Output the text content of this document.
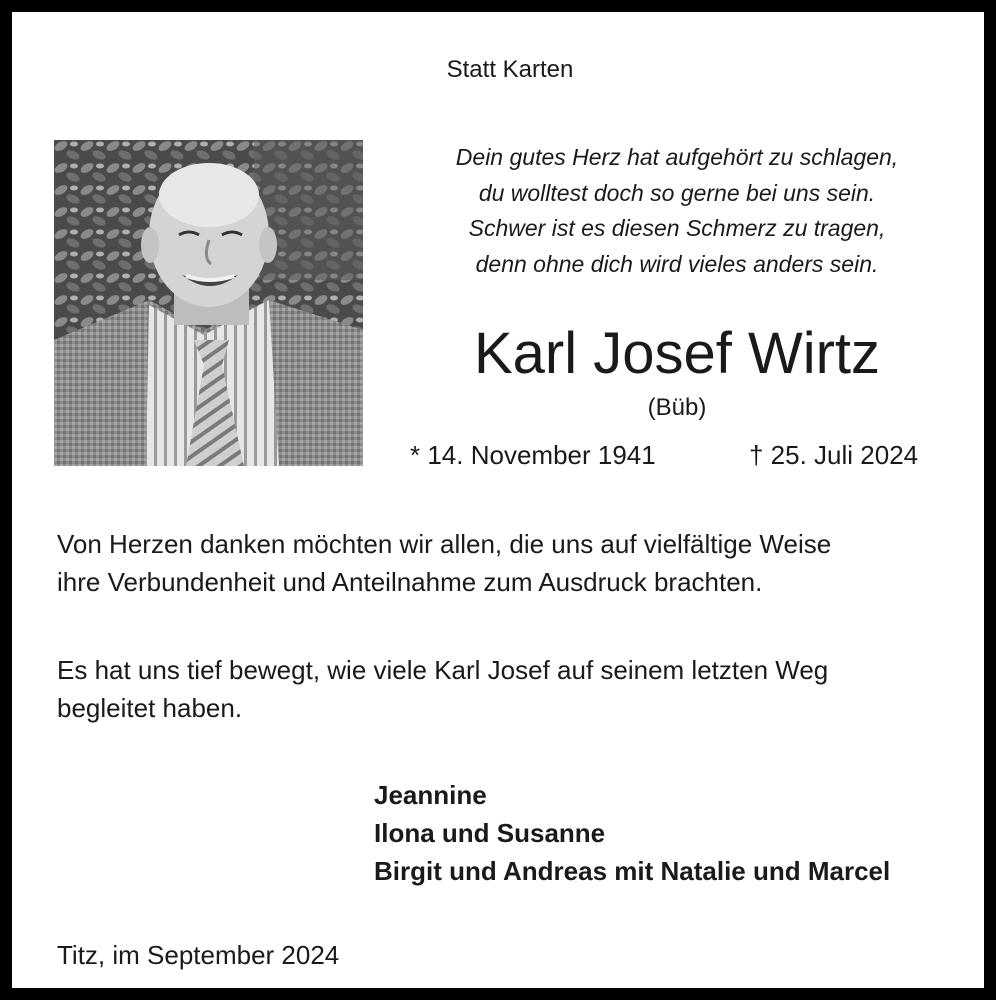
Statt Karten
Dein gutes Herz hat aufgehört zu schlagen,
du wolltest doch so gerne bei uns sein.
Schwer ist es diesen Schmerz zu tragen,
denn ohne dich wird vieles anders sein.
Karl Josef Wirtz
(Büb)
* 14. November 1941	† 25. Juli 2024
Von Herzen danken möchten wir allen, die uns auf vielfältige Weise
ihre Verbundenheit und Anteilnahme zum Ausdruck brachten.
Es hat uns tief bewegt, wie viele Karl Josef auf seinem letzten Weg
begleitet haben.
Jeannine
Ilona und Susanne
Birgit und Andreas mit Natalie und Marcel
Titz, im September 2024
